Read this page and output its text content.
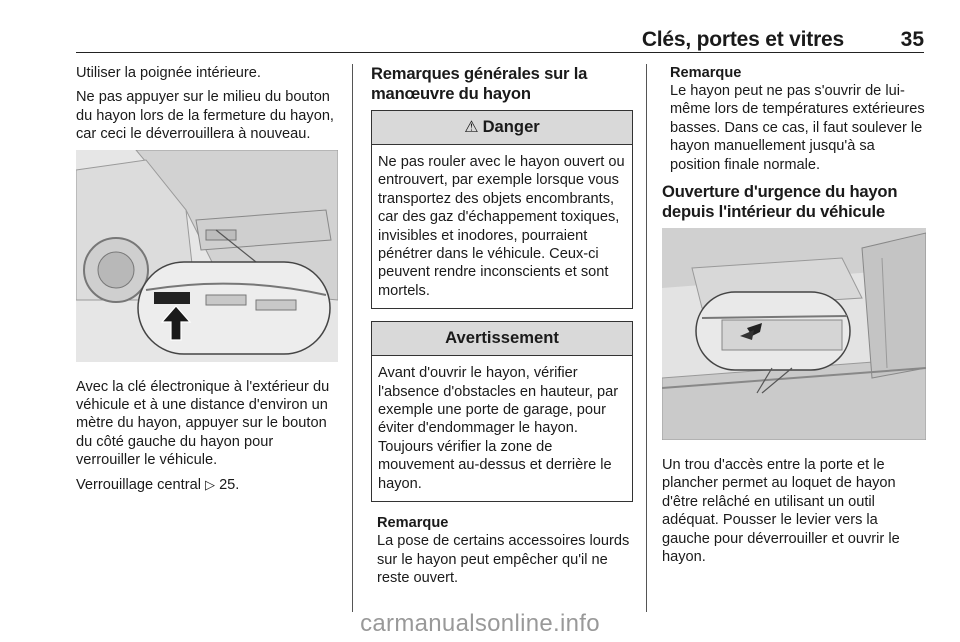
Clés, portes et vitres	35

Utiliser la poignée intérieure.

Ne pas appuyer sur le milieu du bouton du hayon lors de la fermeture du hayon, car ceci le déverrouillera à nouveau.

Avec la clé électronique à l'extérieur du véhicule et à une distance d'environ un mètre du hayon, appuyer sur le bouton du côté gauche du hayon pour verrouiller le véhicule.

Verrouillage central ▷ 25.

Remarques générales sur la manœuvre du hayon
⚠ Danger
Ne pas rouler avec le hayon ouvert ou entrouvert, par exemple lorsque vous transportez des objets encombrants, car des gaz d'échappement toxiques, invisibles et inodores, pourraient pénétrer dans le véhicule. Ceux-ci peuvent rendre inconscients et sont mortels.
Avertissement
Avant d'ouvrir le hayon, vérifier l'absence d'obstacles en hauteur, par exemple une porte de garage, pour éviter d'endommager le hayon. Toujours vérifier la zone de mouvement au-dessus et derrière le hayon.

Remarque

La pose de certains accessoires lourds sur le hayon peut empêcher qu'il ne reste ouvert.

Remarque

Le hayon peut ne pas s'ouvrir de lui-même lors de températures extérieures basses. Dans ce cas, il faut soulever le hayon manuellement jusqu'à sa position finale normale.

Ouverture d'urgence du hayon depuis l'intérieur du véhicule

Un trou d'accès entre la porte et le plancher permet au loquet de hayon d'être relâché en utilisant un outil adéquat. Pousser le levier vers la gauche pour déverrouiller et ouvrir le hayon.

carmanualsonline.info
